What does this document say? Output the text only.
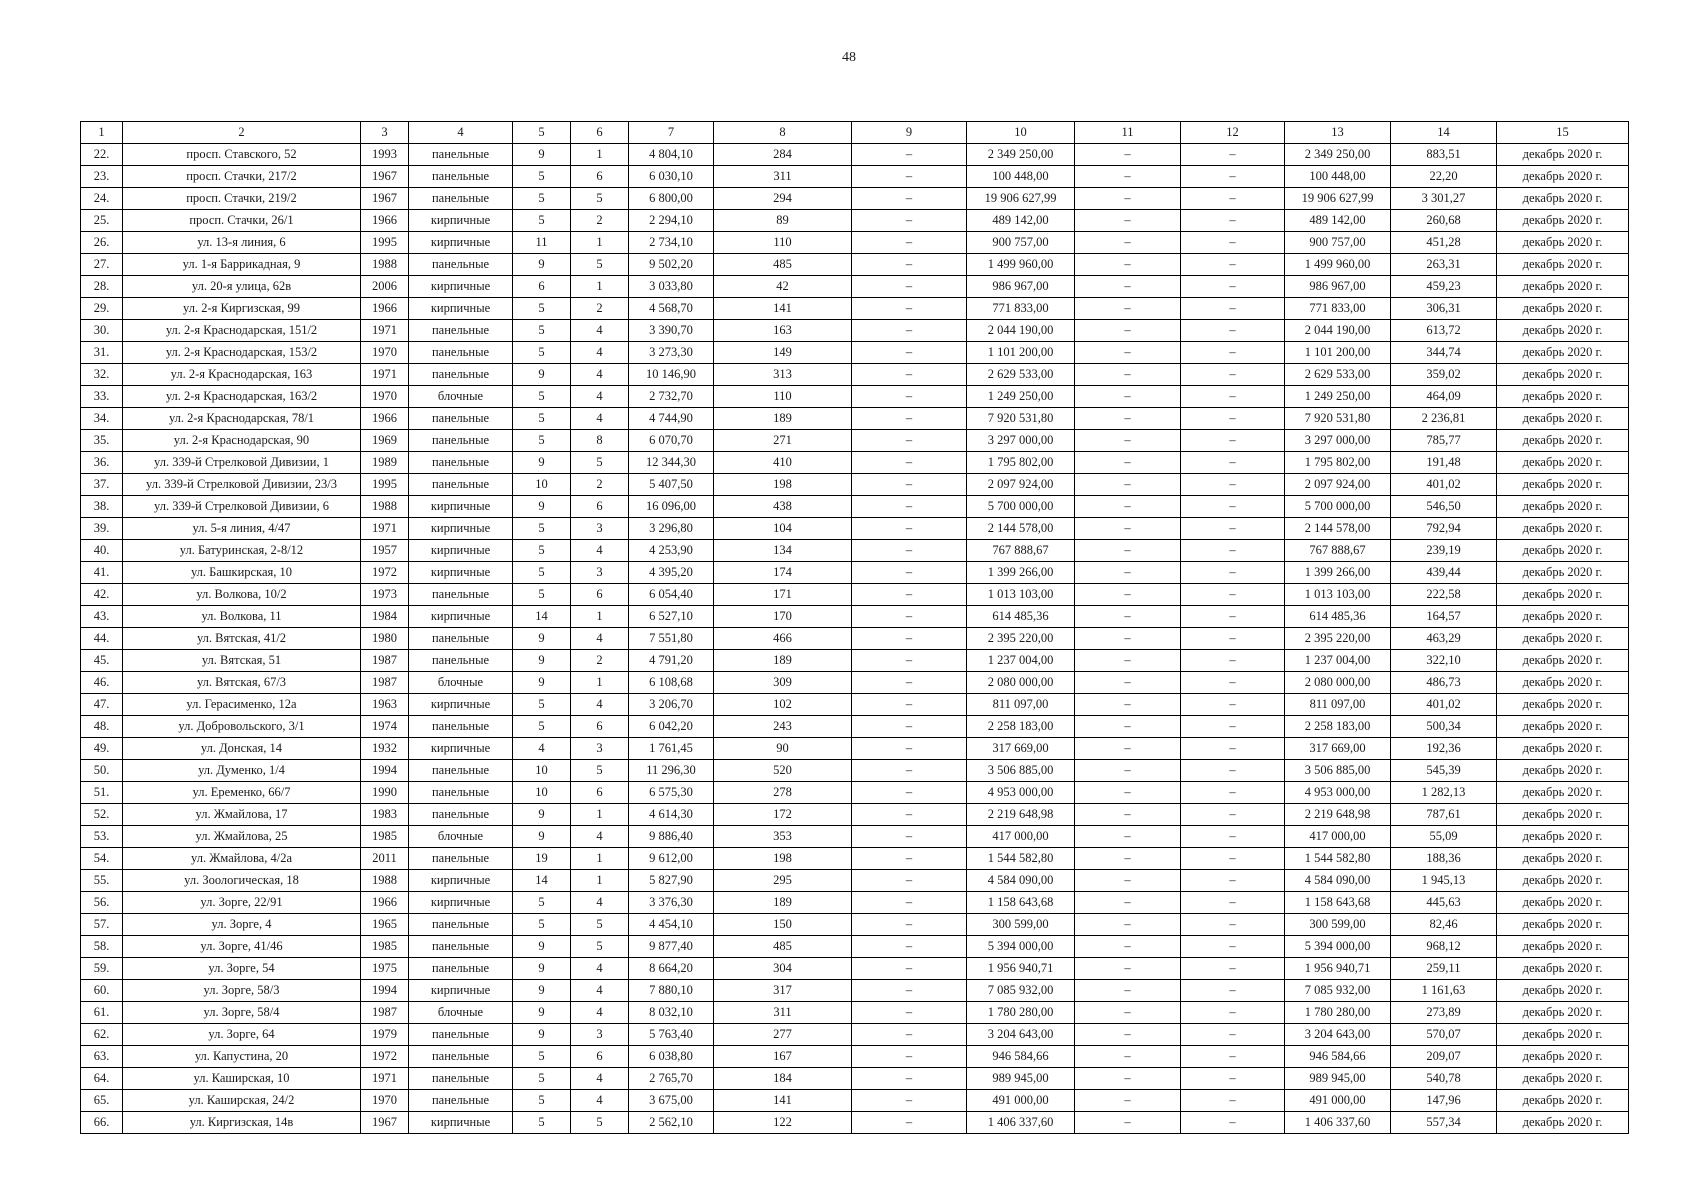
48
1	2	3	4	5	6	7	8	9	10	11	12	13	14	15
22.	просп. Ставского, 52	1993	панельные	9	1	4 804,10	284	–	2 349 250,00	–	–	2 349 250,00	883,51	декабрь 2020 г.
23.	просп. Стачки, 217/2	1967	панельные	5	6	6 030,10	311	–	100 448,00	–	–	100 448,00	22,20	декабрь 2020 г.
24.	просп. Стачки, 219/2	1967	панельные	5	5	6 800,00	294	–	19 906 627,99	–	–	19 906 627,99	3 301,27	декабрь 2020 г.
25.	просп. Стачки, 26/1	1966	кирпичные	5	2	2 294,10	89	–	489 142,00	–	–	489 142,00	260,68	декабрь 2020 г.
26.	ул. 13-я линия, 6	1995	кирпичные	11	1	2 734,10	110	–	900 757,00	–	–	900 757,00	451,28	декабрь 2020 г.
27.	ул. 1-я Баррикадная, 9	1988	панельные	9	5	9 502,20	485	–	1 499 960,00	–	–	1 499 960,00	263,31	декабрь 2020 г.
28.	ул. 20-я улица, 62в	2006	кирпичные	6	1	3 033,80	42	–	986 967,00	–	–	986 967,00	459,23	декабрь 2020 г.
29.	ул. 2-я Киргизская, 99	1966	кирпичные	5	2	4 568,70	141	–	771 833,00	–	–	771 833,00	306,31	декабрь 2020 г.
30.	ул. 2-я Краснодарская, 151/2	1971	панельные	5	4	3 390,70	163	–	2 044 190,00	–	–	2 044 190,00	613,72	декабрь 2020 г.
31.	ул. 2-я Краснодарская, 153/2	1970	панельные	5	4	3 273,30	149	–	1 101 200,00	–	–	1 101 200,00	344,74	декабрь 2020 г.
32.	ул. 2-я Краснодарская, 163	1971	панельные	9	4	10 146,90	313	–	2 629 533,00	–	–	2 629 533,00	359,02	декабрь 2020 г.
33.	ул. 2-я Краснодарская, 163/2	1970	блочные	5	4	2 732,70	110	–	1 249 250,00	–	–	1 249 250,00	464,09	декабрь 2020 г.
34.	ул. 2-я Краснодарская, 78/1	1966	панельные	5	4	4 744,90	189	–	7 920 531,80	–	–	7 920 531,80	2 236,81	декабрь 2020 г.
35.	ул. 2-я Краснодарская, 90	1969	панельные	5	8	6 070,70	271	–	3 297 000,00	–	–	3 297 000,00	785,77	декабрь 2020 г.
36.	ул. 339-й Стрелковой Дивизии, 1	1989	панельные	9	5	12 344,30	410	–	1 795 802,00	–	–	1 795 802,00	191,48	декабрь 2020 г.
37.	ул. 339-й Стрелковой Дивизии, 23/3	1995	панельные	10	2	5 407,50	198	–	2 097 924,00	–	–	2 097 924,00	401,02	декабрь 2020 г.
38.	ул. 339-й Стрелковой Дивизии, 6	1988	кирпичные	9	6	16 096,00	438	–	5 700 000,00	–	–	5 700 000,00	546,50	декабрь 2020 г.
39.	ул. 5-я линия, 4/47	1971	кирпичные	5	3	3 296,80	104	–	2 144 578,00	–	–	2 144 578,00	792,94	декабрь 2020 г.
40.	ул. Батуринская, 2-8/12	1957	кирпичные	5	4	4 253,90	134	–	767 888,67	–	–	767 888,67	239,19	декабрь 2020 г.
41.	ул. Башкирская, 10	1972	кирпичные	5	3	4 395,20	174	–	1 399 266,00	–	–	1 399 266,00	439,44	декабрь 2020 г.
42.	ул. Волкова, 10/2	1973	панельные	5	6	6 054,40	171	–	1 013 103,00	–	–	1 013 103,00	222,58	декабрь 2020 г.
43.	ул. Волкова, 11	1984	кирпичные	14	1	6 527,10	170	–	614 485,36	–	–	614 485,36	164,57	декабрь 2020 г.
44.	ул. Вятская, 41/2	1980	панельные	9	4	7 551,80	466	–	2 395 220,00	–	–	2 395 220,00	463,29	декабрь 2020 г.
45.	ул. Вятская, 51	1987	панельные	9	2	4 791,20	189	–	1 237 004,00	–	–	1 237 004,00	322,10	декабрь 2020 г.
46.	ул. Вятская, 67/3	1987	блочные	9	1	6 108,68	309	–	2 080 000,00	–	–	2 080 000,00	486,73	декабрь 2020 г.
47.	ул. Герасименко, 12а	1963	кирпичные	5	4	3 206,70	102	–	811 097,00	–	–	811 097,00	401,02	декабрь 2020 г.
48.	ул. Добровольского, 3/1	1974	панельные	5	6	6 042,20	243	–	2 258 183,00	–	–	2 258 183,00	500,34	декабрь 2020 г.
49.	ул. Донская, 14	1932	кирпичные	4	3	1 761,45	90	–	317 669,00	–	–	317 669,00	192,36	декабрь 2020 г.
50.	ул. Думенко, 1/4	1994	панельные	10	5	11 296,30	520	–	3 506 885,00	–	–	3 506 885,00	545,39	декабрь 2020 г.
51.	ул. Еременко, 66/7	1990	панельные	10	6	6 575,30	278	–	4 953 000,00	–	–	4 953 000,00	1 282,13	декабрь 2020 г.
52.	ул. Жмайлова, 17	1983	панельные	9	1	4 614,30	172	–	2 219 648,98	–	–	2 219 648,98	787,61	декабрь 2020 г.
53.	ул. Жмайлова, 25	1985	блочные	9	4	9 886,40	353	–	417 000,00	–	–	417 000,00	55,09	декабрь 2020 г.
54.	ул. Жмайлова, 4/2а	2011	панельные	19	1	9 612,00	198	–	1 544 582,80	–	–	1 544 582,80	188,36	декабрь 2020 г.
55.	ул. Зоологическая, 18	1988	кирпичные	14	1	5 827,90	295	–	4 584 090,00	–	–	4 584 090,00	1 945,13	декабрь 2020 г.
56.	ул. Зорге, 22/91	1966	кирпичные	5	4	3 376,30	189	–	1 158 643,68	–	–	1 158 643,68	445,63	декабрь 2020 г.
57.	ул. Зорге, 4	1965	панельные	5	5	4 454,10	150	–	300 599,00	–	–	300 599,00	82,46	декабрь 2020 г.
58.	ул. Зорге, 41/46	1985	панельные	9	5	9 877,40	485	–	5 394 000,00	–	–	5 394 000,00	968,12	декабрь 2020 г.
59.	ул. Зорге, 54	1975	панельные	9	4	8 664,20	304	–	1 956 940,71	–	–	1 956 940,71	259,11	декабрь 2020 г.
60.	ул. Зорге, 58/3	1994	кирпичные	9	4	7 880,10	317	–	7 085 932,00	–	–	7 085 932,00	1 161,63	декабрь 2020 г.
61.	ул. Зорге, 58/4	1987	блочные	9	4	8 032,10	311	–	1 780 280,00	–	–	1 780 280,00	273,89	декабрь 2020 г.
62.	ул. Зорге, 64	1979	панельные	9	3	5 763,40	277	–	3 204 643,00	–	–	3 204 643,00	570,07	декабрь 2020 г.
63.	ул. Капустина, 20	1972	панельные	5	6	6 038,80	167	–	946 584,66	–	–	946 584,66	209,07	декабрь 2020 г.
64.	ул. Каширская, 10	1971	панельные	5	4	2 765,70	184	–	989 945,00	–	–	989 945,00	540,78	декабрь 2020 г.
65.	ул. Каширская, 24/2	1970	панельные	5	4	3 675,00	141	–	491 000,00	–	–	491 000,00	147,96	декабрь 2020 г.
66.	ул. Киргизская, 14в	1967	кирпичные	5	5	2 562,10	122	–	1 406 337,60	–	–	1 406 337,60	557,34	декабрь 2020 г.
